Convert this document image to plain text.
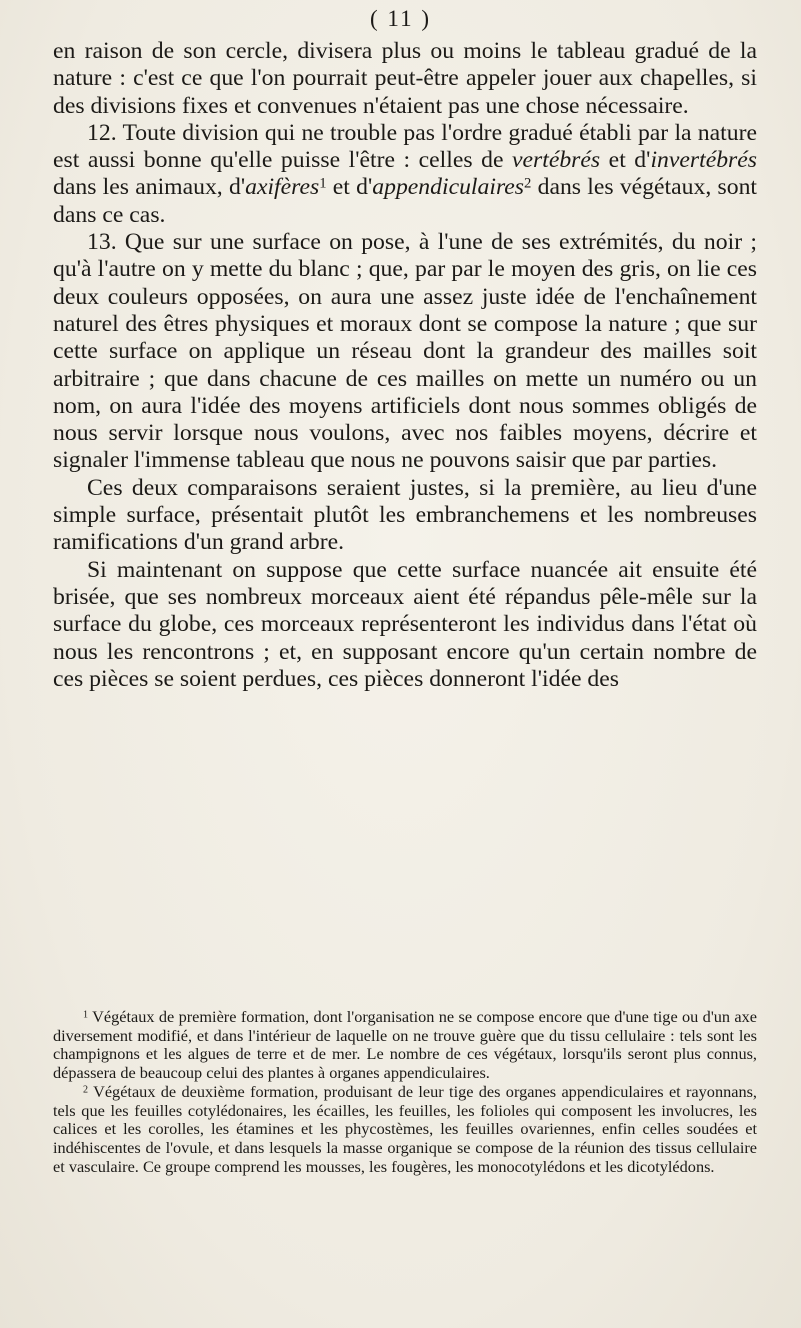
( 11 )

en raison de son cercle, divisera plus ou moins le tableau gradué de la nature : c'est ce que l'on pourrait peut-être appeler jouer aux chapelles, si des divisions fixes et convenues n'étaient pas une chose nécessaire.

12. Toute division qui ne trouble pas l'ordre gradué établi par la nature est aussi bonne qu'elle puisse l'être : celles de vertébrés et d'invertébrés dans les animaux, d'axifères$^1$ et d'appendiculaires$^2$ dans les végétaux, sont dans ce cas.

13. Que sur une surface on pose, à l'une de ses extrémités, du noir ; qu'à l'autre on y mette du blanc ; que, par par le moyen des gris, on lie ces deux couleurs opposées, on aura une assez juste idée de l'enchaînement naturel des êtres physiques et moraux dont se compose la nature ; que sur cette surface on applique un réseau dont la grandeur des mailles soit arbitraire ; que dans chacune de ces mailles on mette un numéro ou un nom, on aura l'idée des moyens artificiels dont nous sommes obligés de nous servir lorsque nous voulons, avec nos faibles moyens, décrire et signaler l'immense tableau que nous ne pouvons saisir que par parties.

Ces deux comparaisons seraient justes, si la première, au lieu d'une simple surface, présentait plutôt les embranchemens et les nombreuses ramifications d'un grand arbre.

Si maintenant on suppose que cette surface nuancée ait ensuite été brisée, que ses nombreux morceaux aient été répandus pêle-mêle sur la surface du globe, ces morceaux représenteront les individus dans l'état où nous les rencontrons ; et, en supposant encore qu'un certain nombre de ces pièces se soient perdues, ces pièces donneront l'idée des

$^1$ Végétaux de première formation, dont l'organisation ne se compose encore que d'une tige ou d'un axe diversement modifié, et dans l'intérieur de laquelle on ne trouve guère que du tissu cellulaire : tels sont les champignons et les algues de terre et de mer. Le nombre de ces végétaux, lorsqu'ils seront plus connus, dépassera de beaucoup celui des plantes à organes appendiculaires.

$^2$ Végétaux de deuxième formation, produisant de leur tige des organes appendiculaires et rayonnans, tels que les feuilles cotylédonaires, les écailles, les feuilles, les folioles qui composent les involucres, les calices et les corolles, les étamines et les phycostèmes, les feuilles ovariennes, enfin celles soudées et indéhiscentes de l'ovule, et dans lesquels la masse organique se compose de la réunion des tissus cellulaire et vasculaire. Ce groupe comprend les mousses, les fougères, les monocotylédons et les dicotylédons.
